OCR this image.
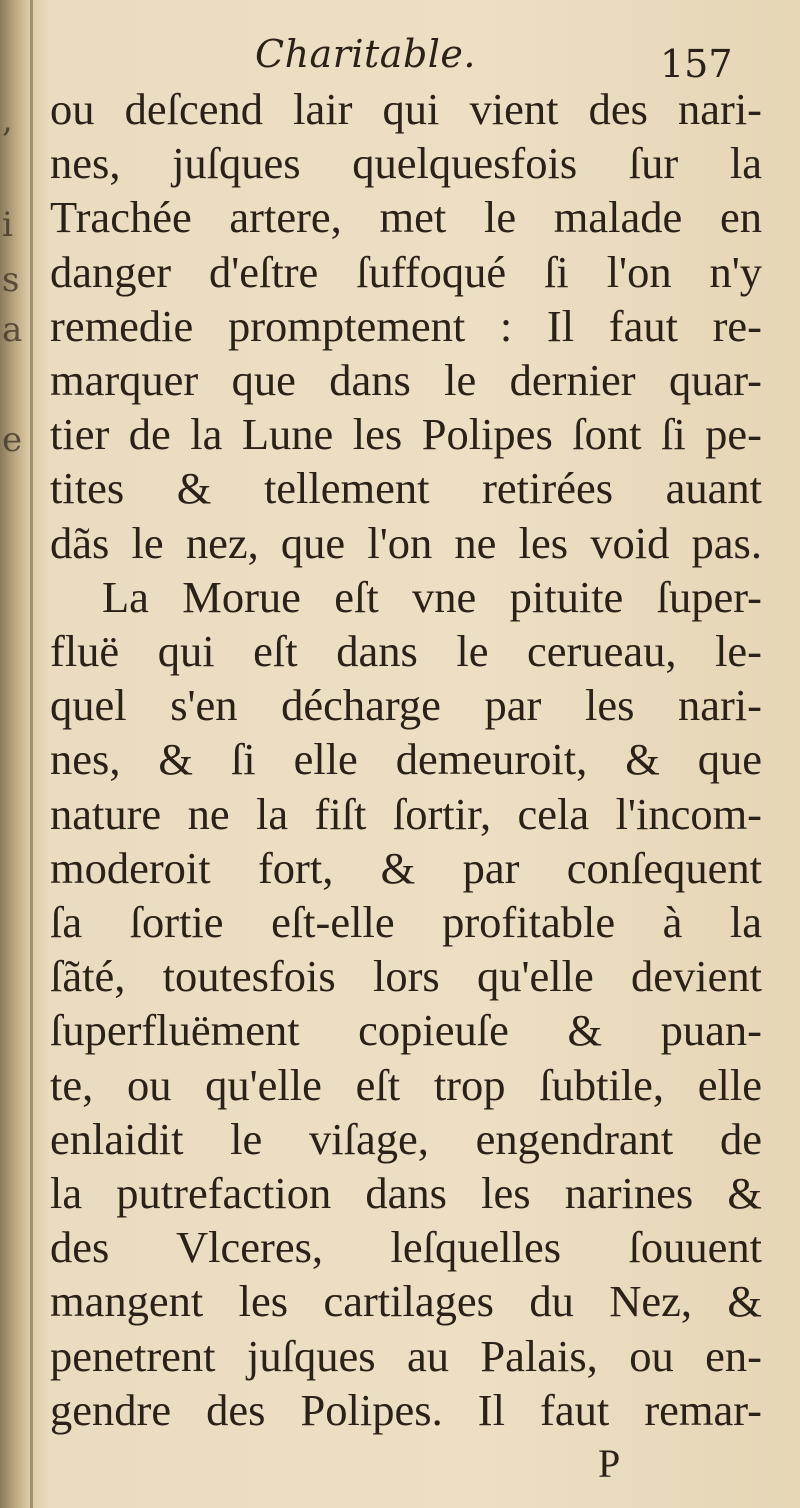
,
i
s
a
e
Charitable.	157
ou deſcend lair qui vient des nari-
nes, juſques quelquesfois ſur la
Trachée artere, met le malade en
danger d'eſtre ſuffoqué ſi l'on n'y
remedie promptement : Il faut re-
marquer que dans le dernier quar-
tier de la Lune les Polipes ſont ſi pe-
tites & tellement retirées auant
dãs le nez, que l'on ne les void pas.
La Morue eſt vne pituite ſuper-
fluë qui eſt dans le cerueau, le-
quel s'en décharge par les nari-
nes, & ſi elle demeuroit, & que
nature ne la fiſt ſortir, cela l'incom-
moderoit fort, & par conſequent
ſa ſortie eſt-elle profitable à la
ſãté, toutesfois lors qu'elle devient
ſuperfluëment copieuſe & puan-
te, ou qu'elle eſt trop ſubtile, elle
enlaidit le viſage, engendrant de
la putrefaction dans les narines &
des Vlceres, leſquelles ſouuent
mangent les cartilages du Nez, &
penetrent juſques au Palais, ou en-
gendre des Polipes. Il faut remar-
P
